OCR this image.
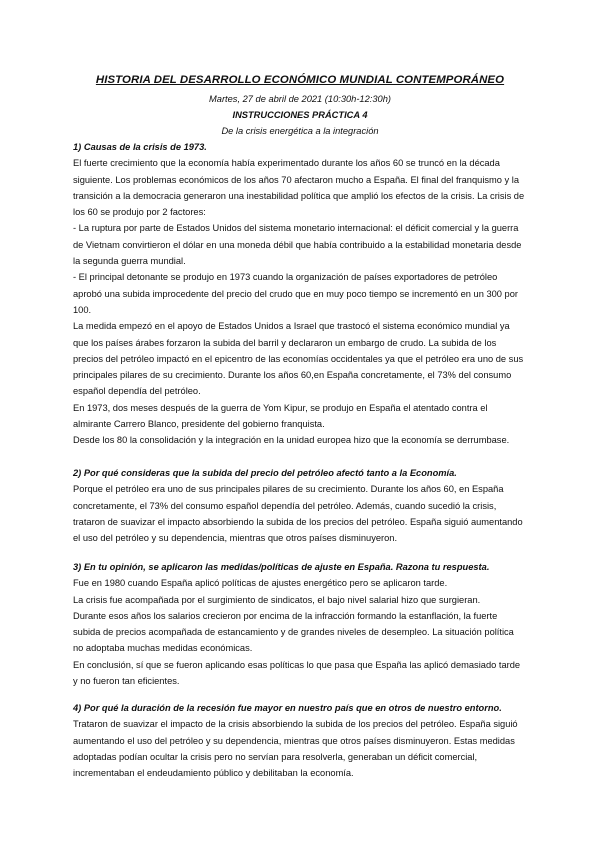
HISTORIA DEL DESARROLLO ECONÓMICO MUNDIAL CONTEMPORÁNEO
Martes, 27 de abril de 2021 (10:30h-12:30h)
INSTRUCCIONES PRÁCTICA 4
De la crisis energética a la integración

1) Causas de la crisis de 1973.

El fuerte crecimiento que la economía había experimentado durante los años 60 se truncó en la década siguiente. Los problemas económicos de los años 70 afectaron mucho a España. El final del franquismo y la transición a la democracia generaron una inestabilidad política que amplió los efectos de la crisis. La crisis de los 60 se produjo por 2 factores:

- La ruptura por parte de Estados Unidos del sistema monetario internacional: el déficit comercial y la guerra de Vietnam convirtieron el dólar en una moneda débil que había contribuido a la estabilidad monetaria desde la segunda guerra mundial.

- El principal detonante se produjo en 1973 cuando la organización de países exportadores de petróleo aprobó una subida improcedente del precio del crudo que en muy poco tiempo se incrementó en un 300 por 100.

La medida empezó en el apoyo de Estados Unidos a Israel que trastocó el sistema económico mundial ya que los países árabes forzaron la subida del barril y declararon un embargo de crudo. La subida de los precios del petróleo impactó en el epicentro de las economías occidentales ya que el petróleo era uno de sus principales pilares de su crecimiento. Durante los años 60,en España concretamente, el 73% del consumo español dependía del petróleo.

En 1973, dos meses después de la guerra de Yom Kipur, se produjo en España el atentado contra el almirante Carrero Blanco, presidente del gobierno franquista.

Desde los 80 la consolidación y la integración en la unidad europea hizo que la economía se derrumbase.

2) Por qué consideras que la subida del precio del petróleo afectó tanto a la Economía.

Porque el petróleo era uno de sus principales pilares de su crecimiento. Durante los años 60, en España concretamente, el 73% del consumo español dependía del petróleo. Además, cuando sucedió la crisis, trataron de suavizar el impacto absorbiendo la subida de los precios del petróleo. España siguió aumentando el uso del petróleo y su dependencia, mientras que otros países disminuyeron.

3) En tu opinión, se aplicaron las medidas/políticas de ajuste en España. Razona tu respuesta.

Fue en 1980 cuando España aplicó políticas de ajustes energético pero se aplicaron tarde.

La crisis fue acompañada por el surgimiento de sindicatos, el bajo nivel salarial hizo que surgieran.

Durante esos años los salarios crecieron por encima de la infracción formando la estanflación, la fuerte subida de precios acompañada de estancamiento y de grandes niveles de desempleo. La situación política no adoptaba muchas medidas económicas.

En conclusión, sí que se fueron aplicando esas políticas lo que pasa que España las aplicó demasiado tarde y no fueron tan eficientes.

4) Por qué la duración de la recesión fue mayor en nuestro país que en otros de nuestro entorno.

Trataron de suavizar el impacto de la crisis absorbiendo la subida de los precios del petróleo. España siguió aumentando el uso del petróleo y su dependencia, mientras que otros países disminuyeron. Estas medidas adoptadas podían ocultar la crisis pero no servían para resolverla, generaban un déficit comercial, incrementaban el endeudamiento público y debilitaban la economía.
